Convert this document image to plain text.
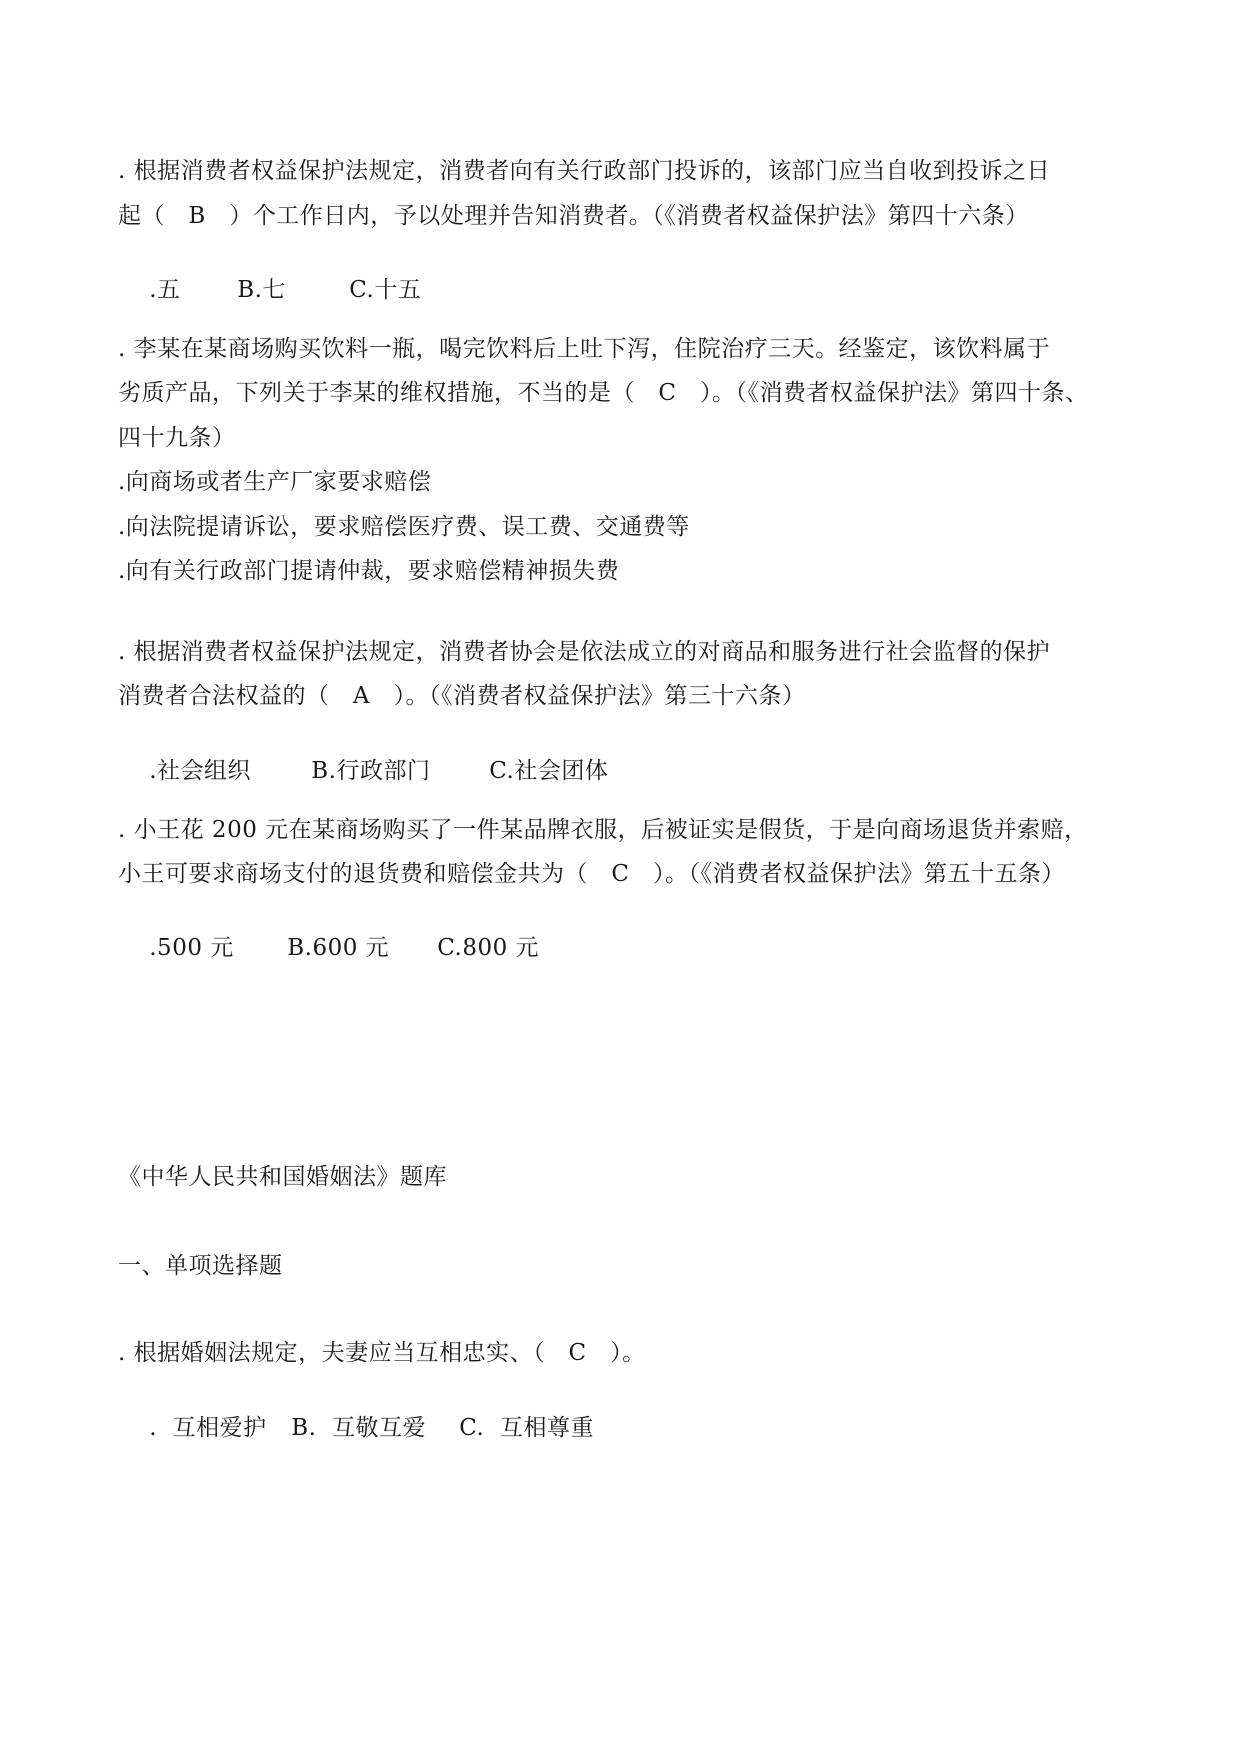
. 根据消费者权益保护法规定，消费者向有关行政部门投诉的，该部门应当自收到投诉之日
起（   B   ）个工作日内，予以处理并告知消费者。（《消费者权益保护法》第四十六条）

.五 B.七	C.十五

. 李某在某商场购买饮料一瓶，喝完饮料后上吐下泻，住院治疗三天。经鉴定，该饮料属于
劣质产品，下列关于李某的维权措施，不当的是（   C   ）。（《消费者权益保护法》第四十条、
四十九条）
.向商场或者生产厂家要求赔偿
.向法院提请诉讼，要求赔偿医疗费、误工费、交通费等
.向有关行政部门提请仲裁，要求赔偿精神损失费
. 根据消费者权益保护法规定，消费者协会是依法成立的对商品和服务进行社会监督的保护
消费者合法权益的（   A   ）。（《消费者权益保护法》第三十六条）

.社会组织	B.行政部门	C.社会团体

. 小王花 200 元在某商场购买了一件某品牌衣服，后被证实是假货，于是向商场退货并索赔，
小王可要求商场支付的退货费和赔偿金共为（   C   ）。（《消费者权益保护法》第五十五条）

.500 元 B.600 元 C.800 元

《中华人民共和国婚姻法》题库
一、单项选择题
. 根据婚姻法规定，夫妻应当互相忠实、（   C   ）。

.  互相爱护 B.  互敬互爱 C.  互相尊重
